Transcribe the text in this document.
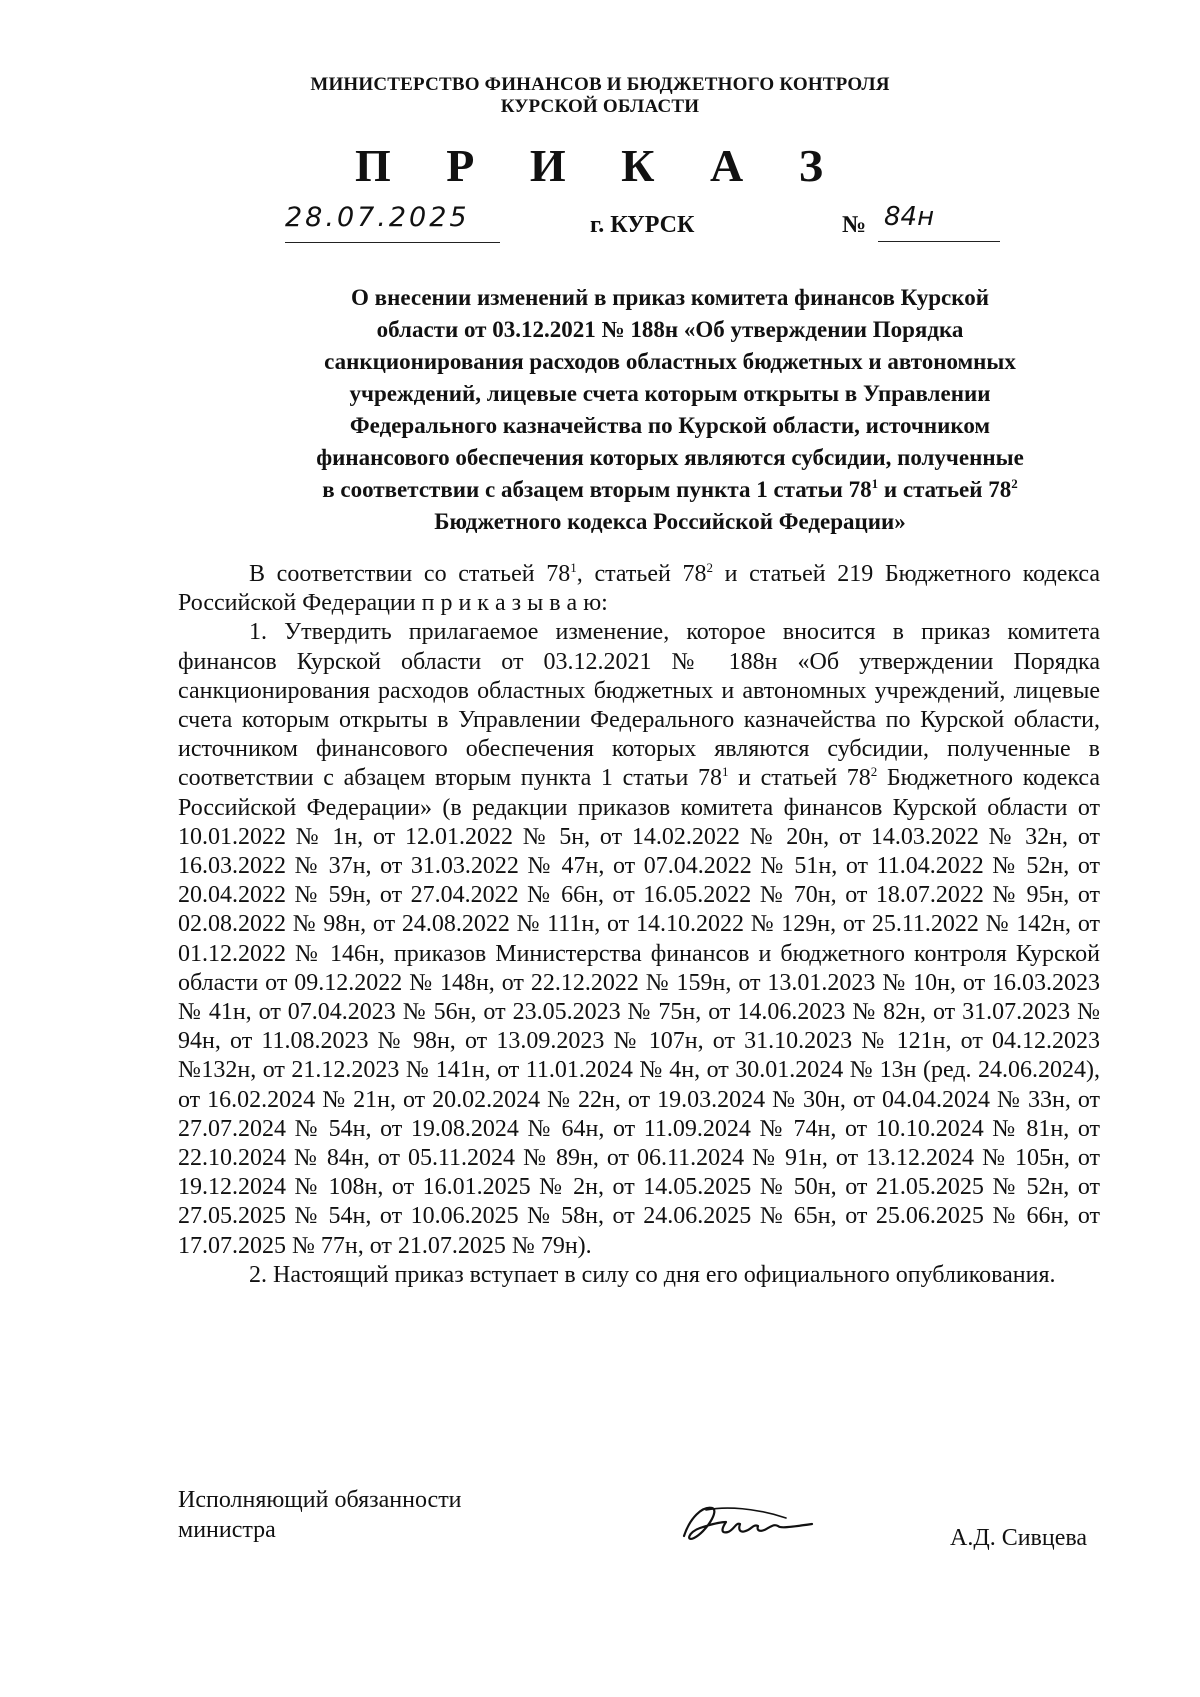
МИНИСТЕРСТВО ФИНАНСОВ И БЮДЖЕТНОГО КОНТРОЛЯ
КУРСКОЙ ОБЛАСТИ
П Р И К А З
28.07.2025	г. КУРСК	№ 84н

О внесении изменений в приказ комитета финансов Курской

области от 03.12.2021 № 188н «Об утверждении Порядка

санкционирования расходов областных бюджетных и автономных

учреждений, лицевые счета которым открыты в Управлении

Федерального казначейства по Курской области, источником

финансового обеспечения которых являются субсидии, полученные

в соответствии с абзацем вторым пункта 1 статьи $78^1$ и статьей $78^2$

Бюджетного кодекса Российской Федерации»

В соответствии со статьей $78^1$, статьей $78^2$ и статьей 219 Бюджетного кодекса Российской Федерации п р и к а з ы в а ю:

1. Утвердить прилагаемое изменение, которое вносится в приказ комитета финансов Курской области от 03.12.2021 № 188н «Об утверждении Порядка санкционирования расходов областных бюджетных и автономных учреждений, лицевые счета которым открыты в Управлении Федерального казначейства по Курской области, источником финансового обеспечения которых являются субсидии, полученные в соответствии с абзацем вторым пункта 1 статьи $78^1$ и статьей $78^2$ Бюджетного кодекса Российской Федерации» (в редакции приказов комитета финансов Курской области от 10.01.2022 № 1н, от 12.01.2022 № 5н, от 14.02.2022 № 20н, от 14.03.2022 № 32н, от 16.03.2022 № 37н, от 31.03.2022 № 47н, от 07.04.2022 № 51н, от 11.04.2022 № 52н, от 20.04.2022 № 59н, от 27.04.2022 № 66н, от 16.05.2022 № 70н, от 18.07.2022 № 95н, от 02.08.2022 № 98н, от 24.08.2022 № 111н, от 14.10.2022 № 129н, от 25.11.2022 № 142н, от 01.12.2022 № 146н, приказов Министерства финансов и бюджетного контроля Курской области от 09.12.2022 № 148н, от 22.12.2022 № 159н, от 13.01.2023 № 10н, от 16.03.2023 № 41н, от 07.04.2023 № 56н, от 23.05.2023 № 75н, от 14.06.2023 № 82н, от 31.07.2023 № 94н, от 11.08.2023 № 98н, от 13.09.2023 № 107н, от 31.10.2023 № 121н, от 04.12.2023 №132н, от 21.12.2023 № 141н, от 11.01.2024 № 4н, от 30.01.2024 № 13н (ред. 24.06.2024), от 16.02.2024 № 21н, от 20.02.2024 № 22н, от 19.03.2024 № 30н, от 04.04.2024 № 33н, от 27.07.2024 № 54н, от 19.08.2024 № 64н, от 11.09.2024 № 74н, от 10.10.2024 № 81н, от 22.10.2024 № 84н, от 05.11.2024 № 89н, от 06.11.2024 № 91н, от 13.12.2024 № 105н, от 19.12.2024 № 108н, от 16.01.2025 № 2н, от 14.05.2025 № 50н, от 21.05.2025 № 52н, от 27.05.2025 № 54н, от 10.06.2025 № 58н, от 24.06.2025 № 65н, от 25.06.2025 № 66н, от 17.07.2025 № 77н, от 21.07.2025 № 79н).

2. Настоящий приказ вступает в силу со дня его официального опубликования.

Исполняющий обязанности
министра	А.Д. Сивцева
